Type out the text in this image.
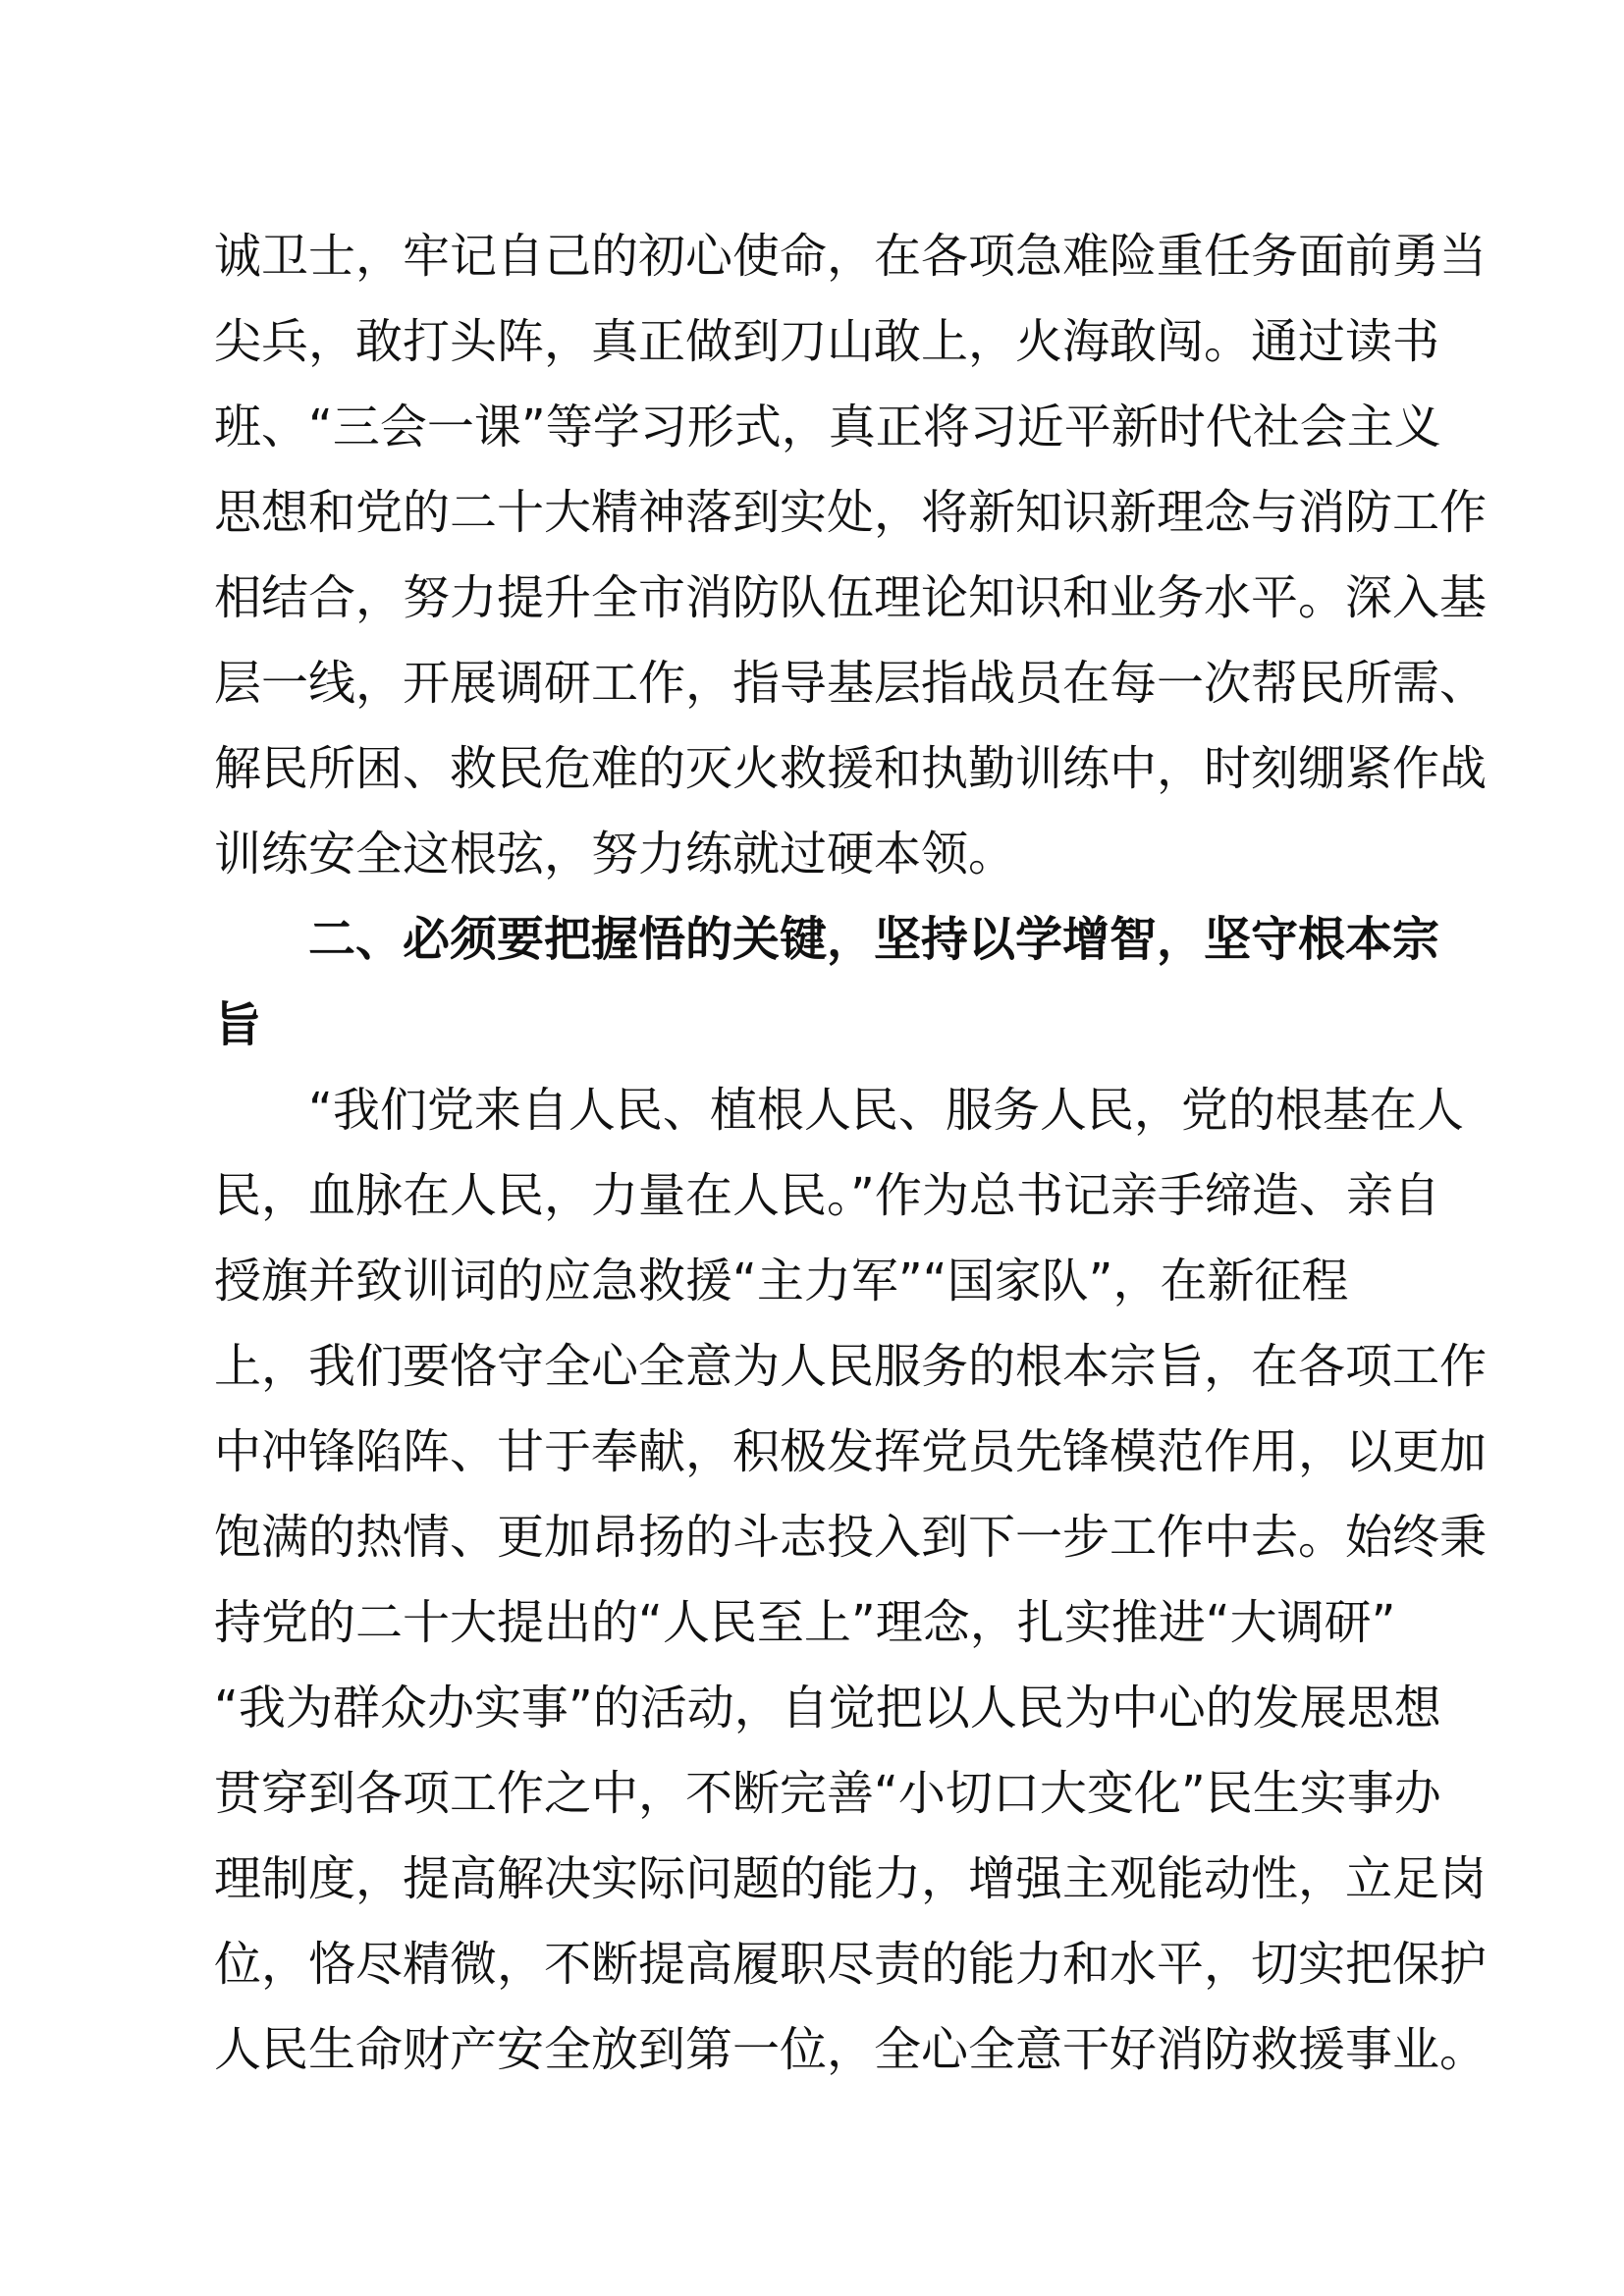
诚卫士，牢记自己的初心使命，在各项急难险重任务面前勇当
尖兵，敢打头阵，真正做到刀山敢上，火海敢闯。通过读书
班、“三会一课”等学习形式，真正将习近平新时代社会主义
思想和党的二十大精神落到实处，将新知识新理念与消防工作
相结合，努力提升全市消防队伍理论知识和业务水平。深入基
层一线，开展调研工作，指导基层指战员在每一次帮民所需、
解民所困、救民危难的灭火救援和执勤训练中，时刻绷紧作战
训练安全这根弦，努力练就过硬本领。
二、必须要把握悟的关键，坚持以学增智，坚守根本宗
旨
“我们党来自人民、植根人民、服务人民，党的根基在人
民，血脉在人民，力量在人民。”作为总书记亲手缔造、亲自
授旗并致训词的应急救援“主力军”“国家队”，在新征程
上，我们要恪守全心全意为人民服务的根本宗旨，在各项工作
中冲锋陷阵、甘于奉献，积极发挥党员先锋模范作用，以更加
饱满的热情、更加昂扬的斗志投入到下一步工作中去。始终秉
持党的二十大提出的“人民至上”理念，扎实推进“大调研”
“我为群众办实事”的活动，自觉把以人民为中心的发展思想
贯穿到各项工作之中，不断完善“小切口大变化”民生实事办
理制度，提高解决实际问题的能力，增强主观能动性，立足岗
位，恪尽精微，不断提高履职尽责的能力和水平，切实把保护
人民生命财产安全放到第一位，全心全意干好消防救援事业。
